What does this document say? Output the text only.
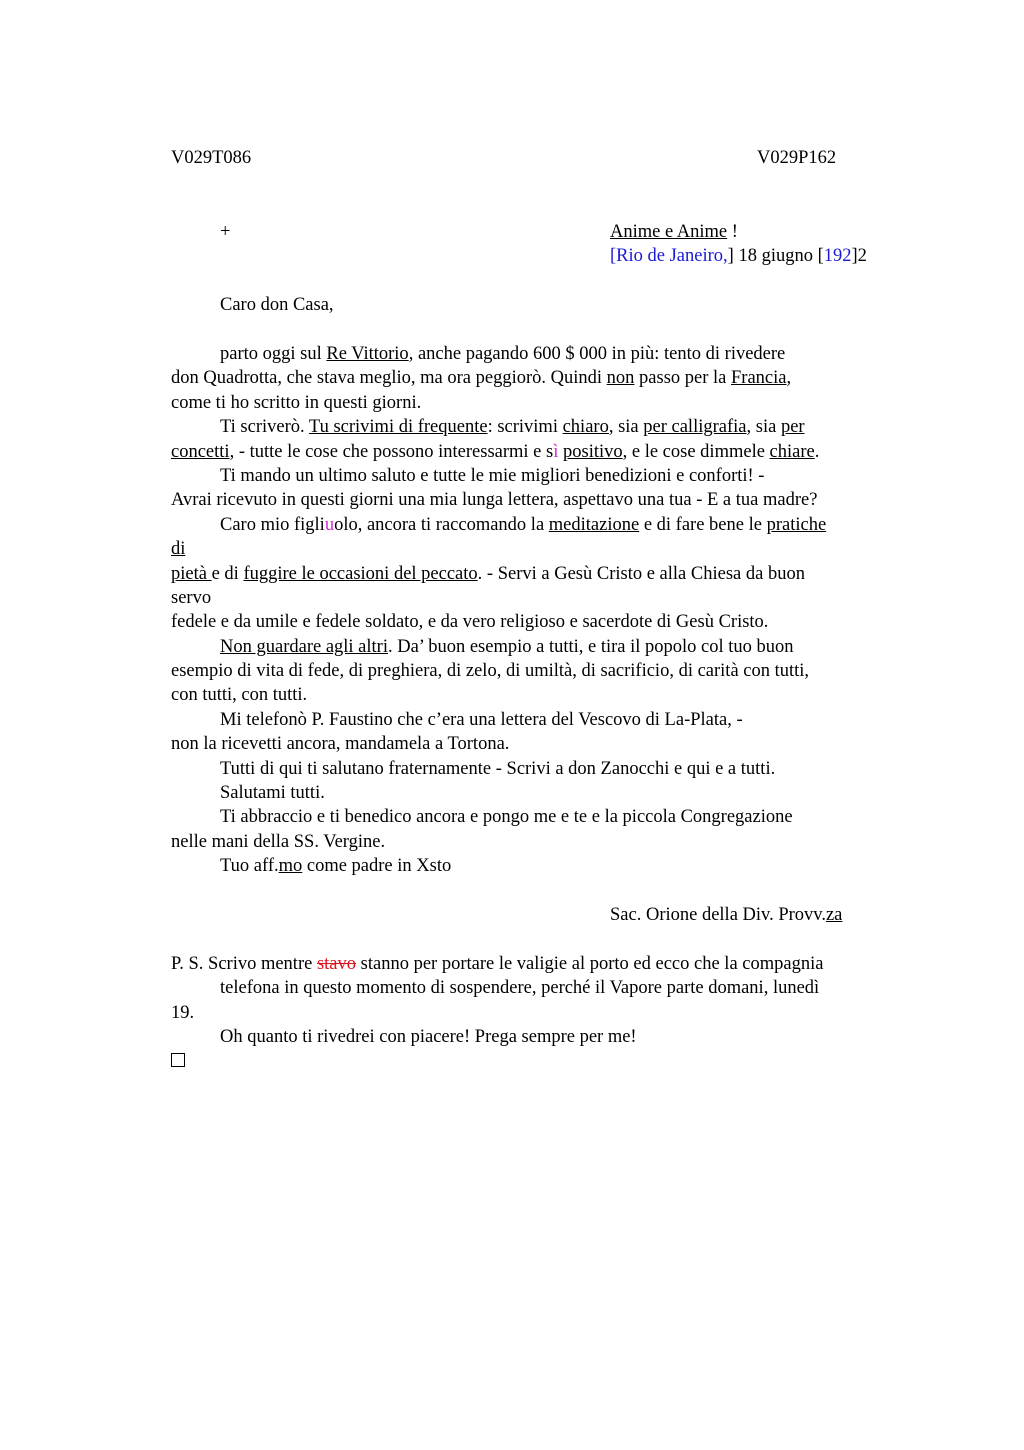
V029T086	V029P162
+	Anime e Anime !
[Rio de Janeiro,] 18 giugno [192]2
Caro don Casa,
parto oggi sul Re Vittorio, anche pagando 600 $ 000 in più: tento di rivedere
don Quadrotta, che stava meglio, ma ora peggiorò. Quindi non passo per la Francia,
come ti ho scritto in questi giorni.
Ti scriverò. Tu scrivimi di frequente: scrivimi chiaro, sia per calligrafia, sia per
concetti, - tutte le cose che possono interessarmi e sì positivo, e le cose dimmele chiare.
Ti mando un ultimo saluto e tutte le mie migliori benedizioni e conforti! -
Avrai ricevuto in questi giorni una mia lunga lettera, aspettavo una tua - E a tua madre?
Caro mio figliuolo, ancora ti raccomando la meditazione e di fare bene le pratiche
di
pietà e di fuggire le occasioni del peccato. - Servi a Gesù Cristo e alla Chiesa da buon
servo
fedele e da umile e fedele soldato, e da vero religioso e sacerdote di Gesù Cristo.
Non guardare agli altri. Da’ buon esempio a tutti, e tira il popolo col tuo buon
esempio di vita di fede, di preghiera, di zelo, di umiltà, di sacrificio, di carità con tutti,
con tutti, con tutti.
Mi telefonò P. Faustino che c’era una lettera del Vescovo di La-Plata, -
non la ricevetti ancora, mandamela a Tortona.
Tutti di qui ti salutano fraternamente - Scrivi a don Zanocchi e qui e a tutti.
Salutami tutti.
Ti abbraccio e ti benedico ancora e pongo me e te e la piccola Congregazione
nelle mani della SS. Vergine.
Tuo aff.mo come padre in Xsto
Sac. Orione della Div. Provv.za
P. S. Scrivo mentre stavo stanno per portare le valigie al porto ed ecco che la compagnia
telefona in questo momento di sospendere, perché il Vapore parte domani, lunedì
19.
Oh quanto ti rivedrei con piacere! Prega sempre per me!
